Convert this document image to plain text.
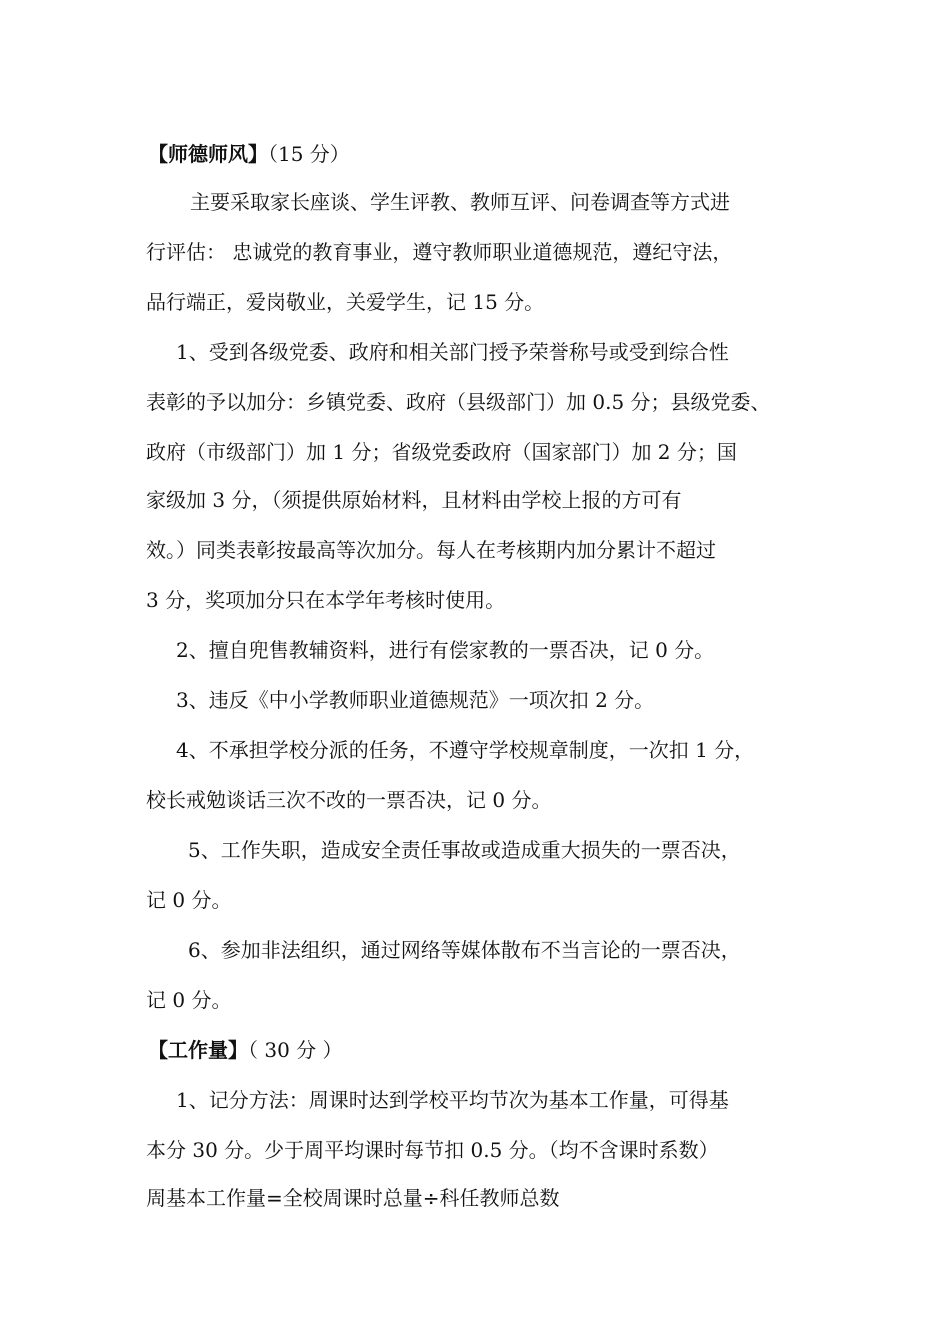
【师德师风】（15 分）
主要采取家长座谈、学生评教、教师互评、问卷调查等方式进
行评估： 忠诚党的教育事业，遵守教师职业道德规范，遵纪守法，
品行端正，爱岗敬业，关爱学生，记 15 分。
1、受到各级党委、政府和相关部门授予荣誉称号或受到综合性
表彰的予以加分：乡镇党委、政府（县级部门）加 0.5 分；县级党委、
政府（市级部门）加 1 分；省级党委政府（国家部门）加 2 分；国
家级加 3 分，（须提供原始材料，且材料由学校上报的方可有
效。）同类表彰按最高等次加分。每人在考核期内加分累计不超过
3 分，奖项加分只在本学年考核时使用。
2、擅自兜售教辅资料，进行有偿家教的一票否决，记 0 分。
3、违反《中小学教师职业道德规范》一项次扣 2 分。
4、不承担学校分派的任务，不遵守学校规章制度，一次扣 1 分，
校长戒勉谈话三次不改的一票否决，记 0 分。
5、工作失职，造成安全责任事故或造成重大损失的一票否决，
记 0 分。
6、参加非法组织，通过网络等媒体散布不当言论的一票否决，
记 0 分。
【工作量】（ 30 分 ）
1、记分方法：周课时达到学校平均节次为基本工作量，可得基
本分 30 分。少于周平均课时每节扣 0.5 分。（均不含课时系数）
周基本工作量=全校周课时总量÷科任教师总数
